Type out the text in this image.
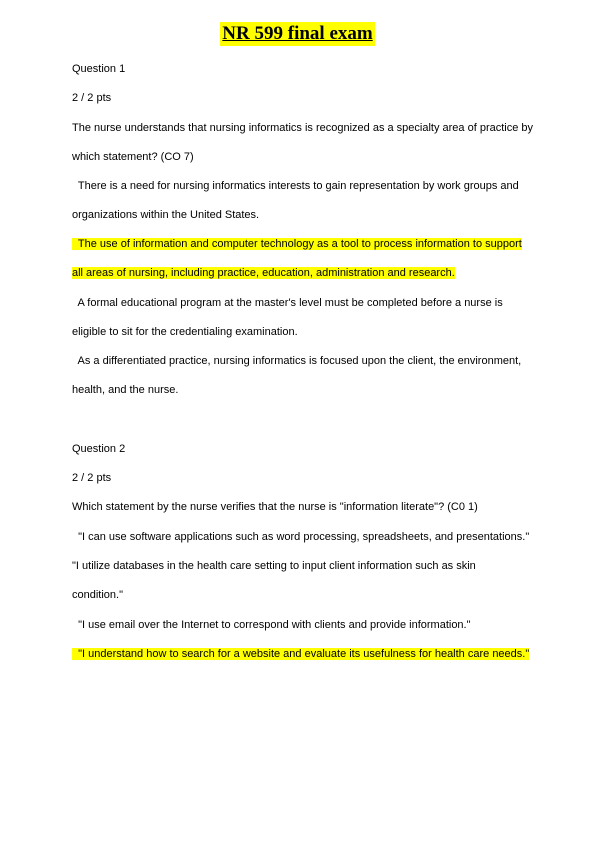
NR 599 final exam
Question 1
2 / 2 pts
The nurse understands that nursing informatics is recognized as a specialty area of practice by
which statement? (CO 7)
There is a need for nursing informatics interests to gain representation by work groups and
organizations within the United States.
The use of information and computer technology as a tool to process information to support
all areas of nursing, including practice, education, administration and research.
A formal educational program at the master's level must be completed before a nurse is
eligible to sit for the credentialing examination.
As a differentiated practice, nursing informatics is focused upon the client, the environment,
health, and the nurse.
Question 2
2 / 2 pts
Which statement by the nurse verifies that the nurse is "information literate"? (C0 1)
"I can use software applications such as word processing, spreadsheets, and presentations."
"I utilize databases in the health care setting to input client information such as skin
condition."
"I use email over the Internet to correspond with clients and provide information."
"I understand how to search for a website and evaluate its usefulness for health care needs."
